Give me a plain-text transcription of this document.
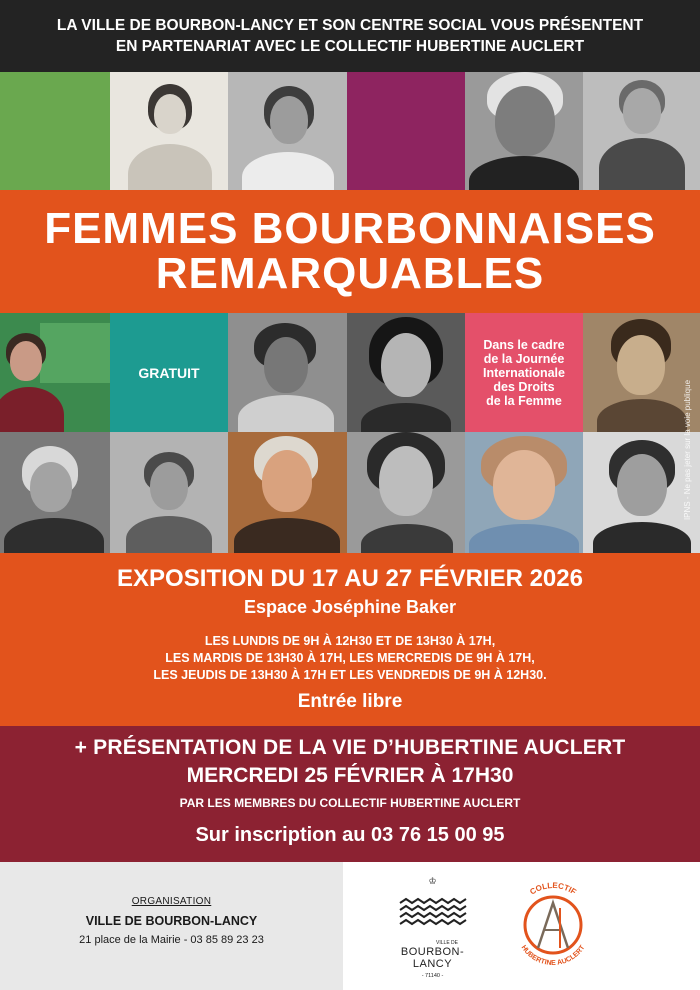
LA VILLE DE BOURBON-LANCY ET SON CENTRE SOCIAL VOUS PRÉSENTENT
EN PARTENARIAT AVEC LE COLLECTIF HUBERTINE AUCLERT
FEMMES BOURBONNAISES
REMARQUABLES
GRATUIT
Dans le cadre
de la Journée
Internationale
des Droits
de la Femme	IPNS - Ne pas jeter sur la voie publique
EXPOSITION DU 17 AU 27 FÉVRIER 2026
Espace Joséphine Baker
LES LUNDIS DE 9H À 12H30 ET DE 13H30 À 17H,
LES MARDIS DE 13H30 À 17H, LES MERCREDIS DE 9H À 17H,
LES JEUDIS DE 13H30 À 17H ET LES VENDREDIS DE 9H À 12H30.
Entrée libre
+ PRÉSENTATION DE LA VIE D’HUBERTINE AUCLERT
MERCREDI 25 FÉVRIER À 17H30
PAR LES MEMBRES DU COLLECTIF HUBERTINE AUCLERT
Sur inscription au 03 76 15 00 95
ORGANISATION
VILLE DE BOURBON-LANCY
21 place de la Mairie - 03 85 89 23 23
♔
VILLE DE
BOURBON-LANCY
- 71140 -
COLLECTIF
HUBERTINE AUCLERT
